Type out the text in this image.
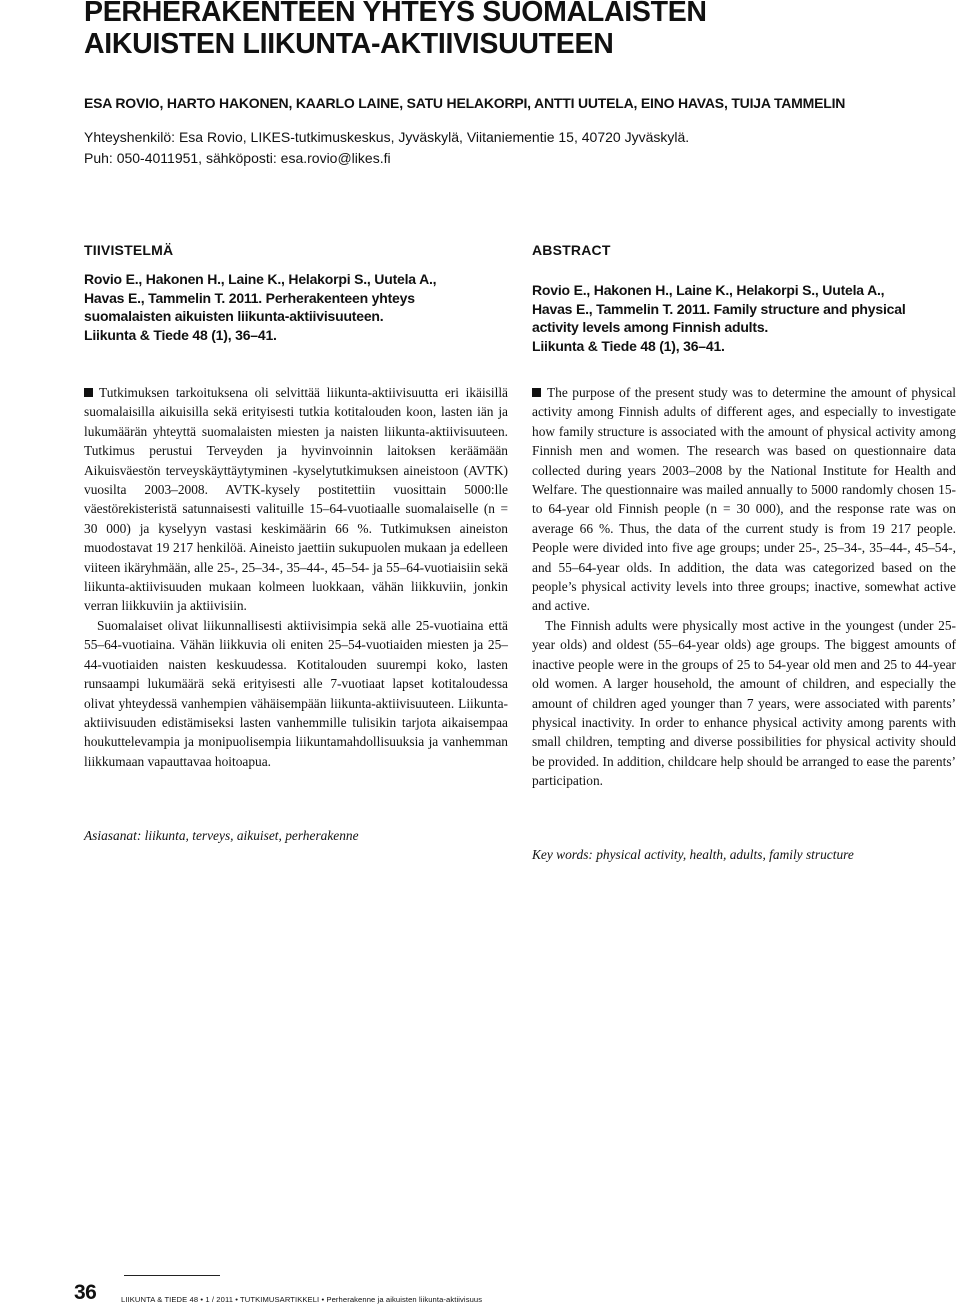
PERHERAKENTEEN YHTEYS SUOMALAISTEN
AIKUISTEN LIIKUNTA-AKTIIVISUUTEEN
ESA ROVIO, HARTO HAKONEN, KAARLO LAINE, SATU HELAKORPI, ANTTI UUTELA, EINO HAVAS, TUIJA TAMMELIN
Yhteyshenkilö: Esa Rovio, LIKES-tutkimuskeskus, Jyväskylä, Viitaniementie 15, 40720 Jyväskylä.
Puh: 050-4011951, sähköposti: esa.rovio@likes.fi
TIIVISTELMÄ
Rovio E., Hakonen H., Laine K., Helakorpi S., Uutela A.,
Havas E., Tammelin T. 2011. Perherakenteen yhteys
suomalaisten aikuisten liikunta-aktiivisuuteen.
Liikunta & Tiede 48 (1), 36–41.

Tutkimuksen tarkoituksena oli selvittää liikunta-aktiivisuutta eri ikäisillä suomalaisilla aikuisilla sekä erityisesti tutkia kotitalouden koon, lasten iän ja lukumäärän yhteyttä suomalaisten miesten ja naisten liikunta-aktiivisuuteen. Tutkimus perustui Terveyden ja hyvinvoinnin laitoksen keräämään Aikuisväestön terveyskäyttäytyminen -kyselytutkimuksen aineistoon (AVTK) vuosilta 2003–2008. AVTK-kysely postitettiin vuosittain 5000:lle väestörekisteristä satunnaisesti valituille 15–64-vuotiaalle suomalaiselle (n = 30 000) ja kyselyyn vastasi keskimäärin 66 %. Tutkimuksen aineiston muodostavat 19 217 henkilöä. Aineisto jaettiin sukupuolen mukaan ja edelleen viiteen ikäryhmään, alle 25-, 25–34-, 35–44-, 45–54- ja 55–64-vuotiaisiin sekä liikunta-aktiivisuuden mukaan kolmeen luokkaan, vähän liikkuviin, jonkin verran liikkuviin ja aktiivisiin.

Suomalaiset olivat liikunnallisesti aktiivisimpia sekä alle 25-vuotiaina että 55–64-vuotiaina. Vähän liikkuvia oli eniten 25–54-vuotiaiden miesten ja 25–44-vuotiaiden naisten keskuudessa. Kotitalouden suurempi koko, lasten runsaampi lukumäärä sekä erityisesti alle 7-vuotiaat lapset kotitaloudessa olivat yhteydessä vanhempien vähäisempään liikunta-aktiivisuuteen. Liikunta-aktiivisuuden edistämiseksi lasten vanhemmille tulisikin tarjota aikaisempaa houkuttelevampia ja monipuolisempia liikuntamahdollisuuksia ja vanhemman liikkumaan vapauttavaa hoitoapua.

Asiasanat: liikunta, terveys, aikuiset, perherakenne
ABSTRACT
Rovio E., Hakonen H., Laine K., Helakorpi S., Uutela A.,
Havas E., Tammelin T. 2011. Family structure and physical
activity levels among Finnish adults.
Liikunta & Tiede 48 (1), 36–41.

The purpose of the present study was to determine the amount of physical activity among Finnish adults of different ages, and especially to investigate how family structure is associated with the amount of physical activity among Finnish men and women. The research was based on questionnaire data collected during years 2003–2008 by the National Institute for Health and Welfare. The questionnaire was mailed annually to 5000 randomly chosen 15- to 64-year old Finnish people (n = 30 000), and the response rate was on average 66 %. Thus, the data of the current study is from 19 217 people. People were divided into five age groups; under 25-, 25–34-, 35–44-, 45–54-, and 55–64-year olds. In addition, the data was categorized based on the people’s physical activity levels into three groups; inactive, somewhat active and active.

The Finnish adults were physically most active in the youngest (under 25-year olds) and oldest (55–64-year olds) age groups. The biggest amounts of inactive people were in the groups of 25 to 54-year old men and 25 to 44-year old women. A larger household, the amount of children, and especially the amount of children aged younger than 7 years, were associated with parents’ physical inactivity. In order to enhance physical activity among parents with small children, tempting and diverse possibilities for physical activity should be provided. In addition, childcare help should be arranged to ease the parents’ participation.

Key words: physical activity, health, adults, family structure
36	LIIKUNTA & TIEDE 48 • 1 / 2011 • TUTKIMUSARTIKKELI • Perherakenne ja aikuisten liikunta-aktiivisuus
